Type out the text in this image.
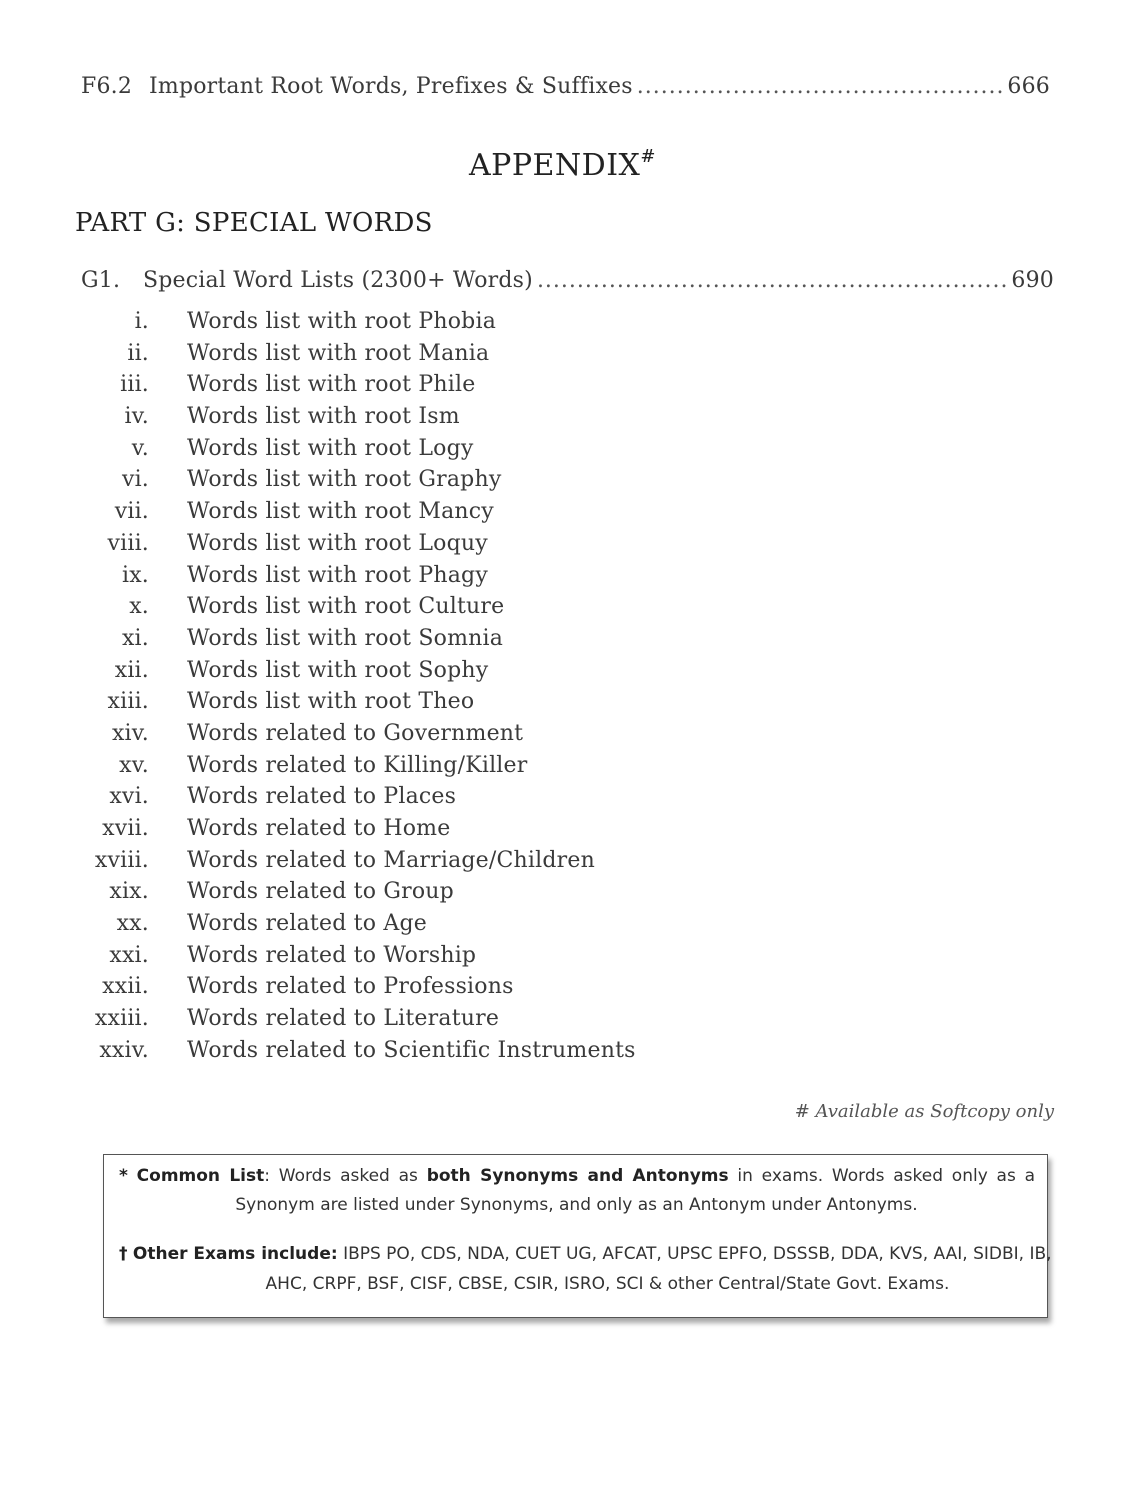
F6.2 Important Root Words, Prefixes & Suffixes .....	666
APPENDIX#
PART G: SPECIAL WORDS
G1.	Special Word Lists (2300+ Words) .....	690
i.	Words list with root Phobia
ii.	Words list with root Mania
iii.	Words list with root Phile
iv.	Words list with root Ism
v.	Words list with root Logy
vi.	Words list with root Graphy
vii.	Words list with root Mancy
viii.	Words list with root Loquy
ix.	Words list with root Phagy
x.	Words list with root Culture
xi.	Words list with root Somnia
xii.	Words list with root Sophy
xiii.	Words list with root Theo
xiv.	Words related to Government
xv.	Words related to Killing/Killer
xvi.	Words related to Places
xvii.	Words related to Home
xviii.	Words related to Marriage/Children
xix.	Words related to Group
xx.	Words related to Age
xxi.	Words related to Worship
xxii.	Words related to Professions
xxiii.	Words related to Literature
xxiv.	Words related to Scientific Instruments
# Available as Softcopy only
* Common List: Words asked as both Synonyms and Antonyms in exams. Words asked only as a
Synonym are listed under Synonyms, and only as an Antonym under Antonyms.
† Other Exams include: IBPS PO, CDS, NDA, CUET UG, AFCAT, UPSC EPFO, DSSSB, DDA, KVS, AAI, SIDBI, IB,
AHC, CRPF, BSF, CISF, CBSE, CSIR, ISRO, SCI & other Central/State Govt. Exams.
